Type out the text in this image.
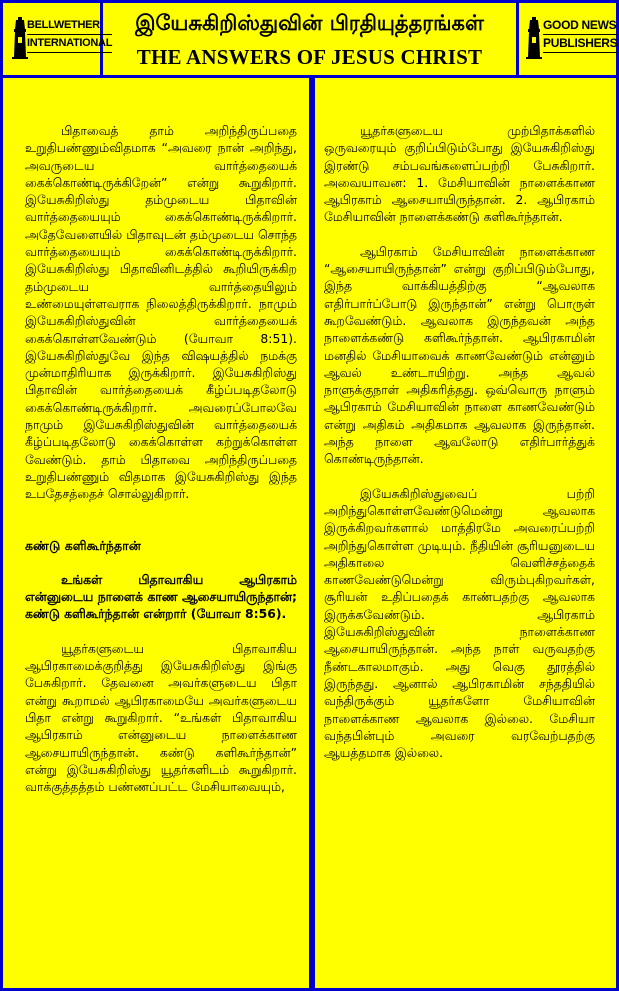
BELLWETHER
INTERNATIONAL
இயேசுகிறிஸ்துவின் பிரதியுத்தரங்கள்
THE ANSWERS OF JESUS CHRIST
GOOD NEWS
PUBLISHERS

பிதாவைத் தாம் அறிந்திருப்பதை உறுதிபண்ணும்விதமாக “அவரை நான் அறிந்து, அவருடைய வார்த்தையைக் கைக்கொண்டிருக்கிறேன்” என்று கூறுகிறார். இயேசுகிறிஸ்து தம்முடைய பிதாவின் வார்த்தையையும் கைக்கொண்டிருக்கிறார். அதேவேளையில் பிதாவுடன் தம்முடைய சொந்த வார்த்தையையும் கைக்கொண்டிருக்கிறார். இயேசுகிறிஸ்து பிதாவினிடத்தில் கூறியிருக்கிற தம்முடைய வார்த்தையிலும் உண்மையுள்ளவராக நிலைத்திருக்கிறார். நாமும் இயேசுகிறிஸ்துவின் வார்த்தையைக் கைக்கொள்ளவேண்டும் (யோவா 8:51). இயேசுகிறிஸ்துவே இந்த விஷயத்தில் நமக்கு முன்மாதிரியாக இருக்கிறார். இயேசுகிறிஸ்து பிதாவின் வார்த்தையைக் கீழ்ப்படிதலோடு கைக்கொண்டிருக்கிறார். அவரைப்போலவே நாமும் இயேசுகிறிஸ்துவின் வார்த்தையைக் கீழ்ப்படிதலோடு கைக்கொள்ள கற்றுக்கொள்ள வேண்டும். தாம் பிதாவை அறிந்திருப்பதை உறுதிபண்ணும் விதமாக இயேசுகிறிஸ்து இந்த உபதேசத்தைச் சொல்லுகிறார்.

கண்டு களிகூர்ந்தான்

உங்கள் பிதாவாகிய ஆபிரகாம் என்னுடைய நாளைக் காண ஆசையாயிருந்தான்; கண்டு களிகூர்ந்தான் என்றார் (யோவா 8:56).

யூதர்களுடைய பிதாவாகிய ஆபிரகாமைக்குறித்து இயேசுகிறிஸ்து இங்கு பேசுகிறார். தேவனை அவர்களுடைய பிதா என்று கூறாமல் ஆபிரகாமையே அவர்களுடைய பிதா என்று கூறுகிறார். “உங்கள் பிதாவாகிய ஆபிரகாம் என்னுடைய நாளைக்காண ஆசையாயிருந்தான். கண்டு களிகூர்ந்தான்” என்று இயேசுகிறிஸ்து யூதர்களிடம் கூறுகிறார். வாக்குத்தத்தம் பண்ணப்பட்ட மேசியாவையும்,

யூதர்களுடைய முற்பிதாக்களில் ஒருவரையும் குறிப்பிடும்போது இயேசுகிறிஸ்து இரண்டு சம்பவங்களைப்பற்றி பேசுகிறார். அவையாவன: 1. மேசியாவின் நாளைக்காண ஆபிரகாம் ஆசையாயிருந்தான். 2. ஆபிரகாம் மேசியாவின் நாளைக்கண்டு களிகூர்ந்தான்.

ஆபிரகாம் மேசியாவின் நாளைக்காண “ஆசையாயிருந்தான்” என்று குறிப்பிடும்போது, இந்த வாக்கியத்திற்கு “ஆவலாக எதிர்பார்ப்போடு இருந்தான்” என்று பொருள் கூறவேண்டும். ஆவலாக இருந்தவன் அந்த நாளைக்கண்டு களிகூர்ந்தான். ஆபிரகாமின் மனதில் மேசியாவைக் காணவேண்டும் என்னும் ஆவல் உண்டாயிற்று. அந்த ஆவல் நாளுக்குநாள் அதிகரித்தது. ஒவ்வொரு நாளும் ஆபிரகாம் மேசியாவின் நாளை காணவேண்டும் என்று அதிகம் அதிகமாக ஆவலாக இருந்தான். அந்த நாளை ஆவலோடு எதிர்பார்த்துக் கொண்டிருந்தான்.

இயேசுகிறிஸ்துவைப் பற்றி அறிந்துகொள்ளவேண்டுமென்று ஆவலாக இருக்கிறவர்களால் மாத்திரமே அவரைப்பற்றி அறிந்துகொள்ள முடியும். நீதியின் சூரியனுடைய அதிகாலை வெளிச்சத்தைக் காணவேண்டுமென்று விரும்புகிறவர்கள், சூரியன் உதிப்பதைக் காண்பதற்கு ஆவலாக இருக்கவேண்டும். ஆபிரகாம் இயேசுகிறிஸ்துவின் நாளைக்காண ஆசையாயிருந்தான். அந்த நாள் வருவதற்கு நீண்டகாலமாகும். அது வெகு தூரத்தில் இருந்தது. ஆனால் ஆபிரகாமின் சந்ததியில் வந்திருக்கும் யூதர்களோ மேசியாவின் நாளைக்காண ஆவலாக இல்லை. மேசியா வந்தபின்பும் அவரை வரவேற்பதற்கு ஆயத்தமாக இல்லை.
